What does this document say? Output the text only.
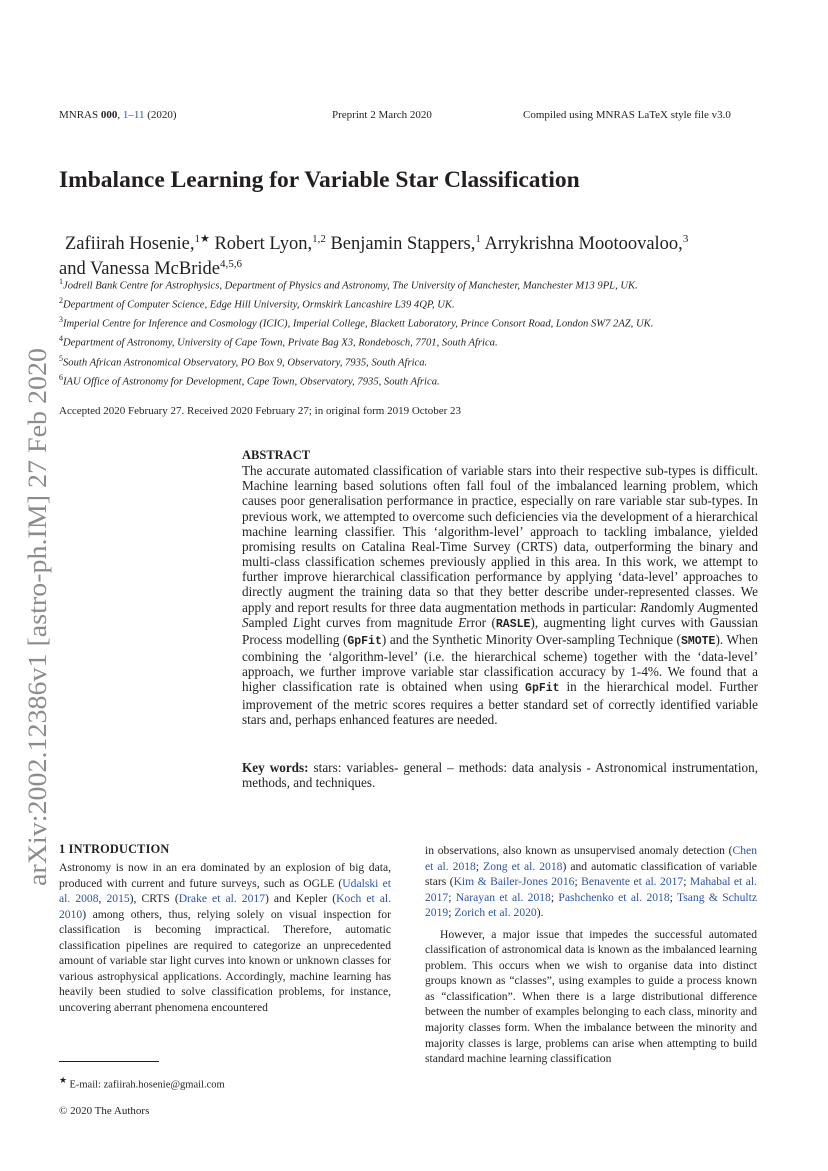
MNRAS 000, 1–11 (2020)	Preprint 2 March 2020	Compiled using MNRAS LaTeX style file v3.0
Imbalance Learning for Variable Star Classification
Zafiirah Hosenie,$^{1★}$ Robert Lyon,$^{1,2}$ Benjamin Stappers,$^1$ Arrykrishna Mootoovaloo,$^3$
and Vanessa McBride$^{4,5,6}$
$^1$Jodrell Bank Centre for Astrophysics, Department of Physics and Astronomy, The University of Manchester, Manchester M13 9PL, UK.
$^2$Department of Computer Science, Edge Hill University, Ormskirk Lancashire L39 4QP, UK.
$^3$Imperial Centre for Inference and Cosmology (ICIC), Imperial College, Blackett Laboratory, Prince Consort Road, London SW7 2AZ, UK.
$^4$Department of Astronomy, University of Cape Town, Private Bag X3, Rondebosch, 7701, South Africa.
$^5$South African Astronomical Observatory, PO Box 9, Observatory, 7935, South Africa.
$^6$IAU Office of Astronomy for Development, Cape Town, Observatory, 7935, South Africa.
arXiv:2002.12386v1 [astro-ph.IM] 27 Feb 2020 Accepted 2020 February 27. Received 2020 February 27; in original form 2019 October 23
ABSTRACT
The accurate automated classification of variable stars into their respective sub-types is difficult. Machine learning based solutions often fall foul of the imbalanced learning problem, which causes poor generalisation performance in practice, especially on rare variable star sub-types. In previous work, we attempted to overcome such deficiencies via the development of a hierarchical machine learning classifier. This ‘algorithm-level’ approach to tackling imbalance, yielded promising results on Catalina Real-Time Survey (CRTS) data, outperforming the binary and multi-class classification schemes previously applied in this area. In this work, we attempt to further improve hierarchical classification performance by applying ‘data-level’ approaches to directly augment the training data so that they better describe under-represented classes. We apply and report results for three data augmentation methods in particular: Randomly Augmented Sampled Light curves from magnitude Error (RASLE), augmenting light curves with Gaussian Process modelling (GpFit) and the Synthetic Minority Over-sampling Technique (SMOTE). When combining the ‘algorithm-level’ (i.e. the hierarchical scheme) together with the ‘data-level’ approach, we further improve variable star classification accuracy by 1-4%. We found that a higher classification rate is obtained when using GpFit in the hierarchical model. Further improvement of the metric scores requires a better standard set of correctly identified variable stars and, perhaps enhanced features are needed.
Key words: stars: variables- general – methods: data analysis - Astronomical instrumentation, methods, and techniques.
1 INTRODUCTION
Astronomy is now in an era dominated by an explosion of big data, produced with current and future surveys, such as OGLE (Udalski et al. 2008, 2015), CRTS (Drake et al. 2017) and Kepler (Koch et al. 2010) among others, thus, relying solely on visual inspection for classification is becoming impractical. Therefore, automatic classification pipelines are required to categorize an unprecedented amount of variable star light curves into known or unknown classes for various astrophysical applications. Accordingly, machine learning has heavily been studied to solve classification problems, for instance, uncovering aberrant phenomena encountered
in observations, also known as unsupervised anomaly detection (Chen et al. 2018; Zong et al. 2018) and automatic classification of variable stars (Kim & Bailer-Jones 2016; Benavente et al. 2017; Mahabal et al. 2017; Narayan et al. 2018; Pashchenko et al. 2018; Tsang & Schultz 2019; Zorich et al. 2020).
However, a major issue that impedes the successful automated classification of astronomical data is known as the imbalanced learning problem. This occurs when we wish to organise data into distinct groups known as “classes”, using examples to guide a process known as “classification”. When there is a large distributional difference between the number of examples belonging to each class, minority and majority classes form. When the imbalance between the minority and majority classes is large, problems can arise when attempting to build standard machine learning classification
★ E-mail: zafiirah.hosenie@gmail.com
© 2020 The Authors
